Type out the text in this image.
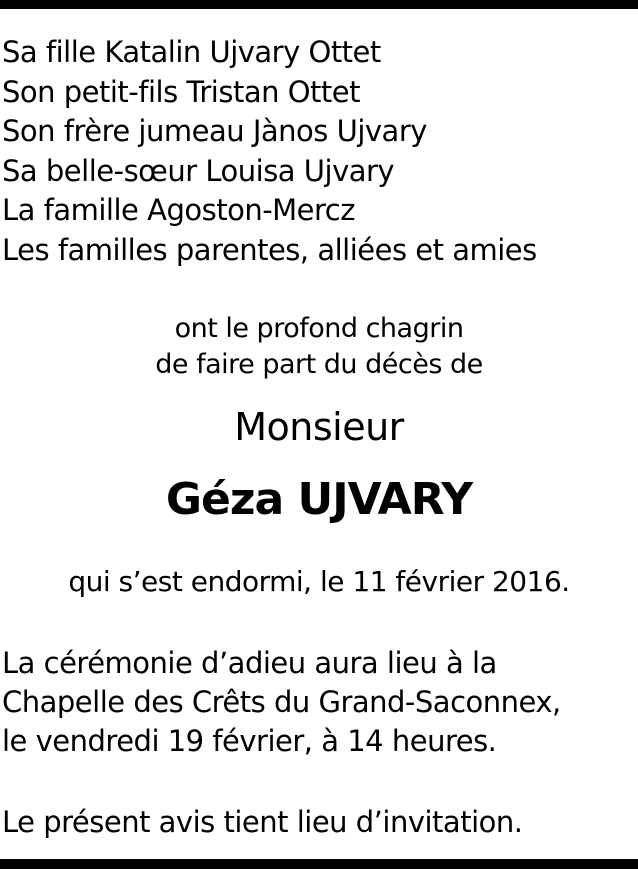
Sa fille Katalin Ujvary Ottet
Son petit-fils Tristan Ottet
Son frère jumeau Jànos Ujvary
Sa belle-sœur Louisa Ujvary
La famille Agoston-Mercz
Les familles parentes, alliées et amies
ont le profond chagrin
de faire part du décès de
Monsieur
Géza UJVARY
qui s’est endormi, le 11 février 2016.
La cérémonie d’adieu aura lieu à la
Chapelle des Crêts du Grand-Saconnex,
le vendredi 19 février, à 14 heures.
Le présent avis tient lieu d’invitation.
